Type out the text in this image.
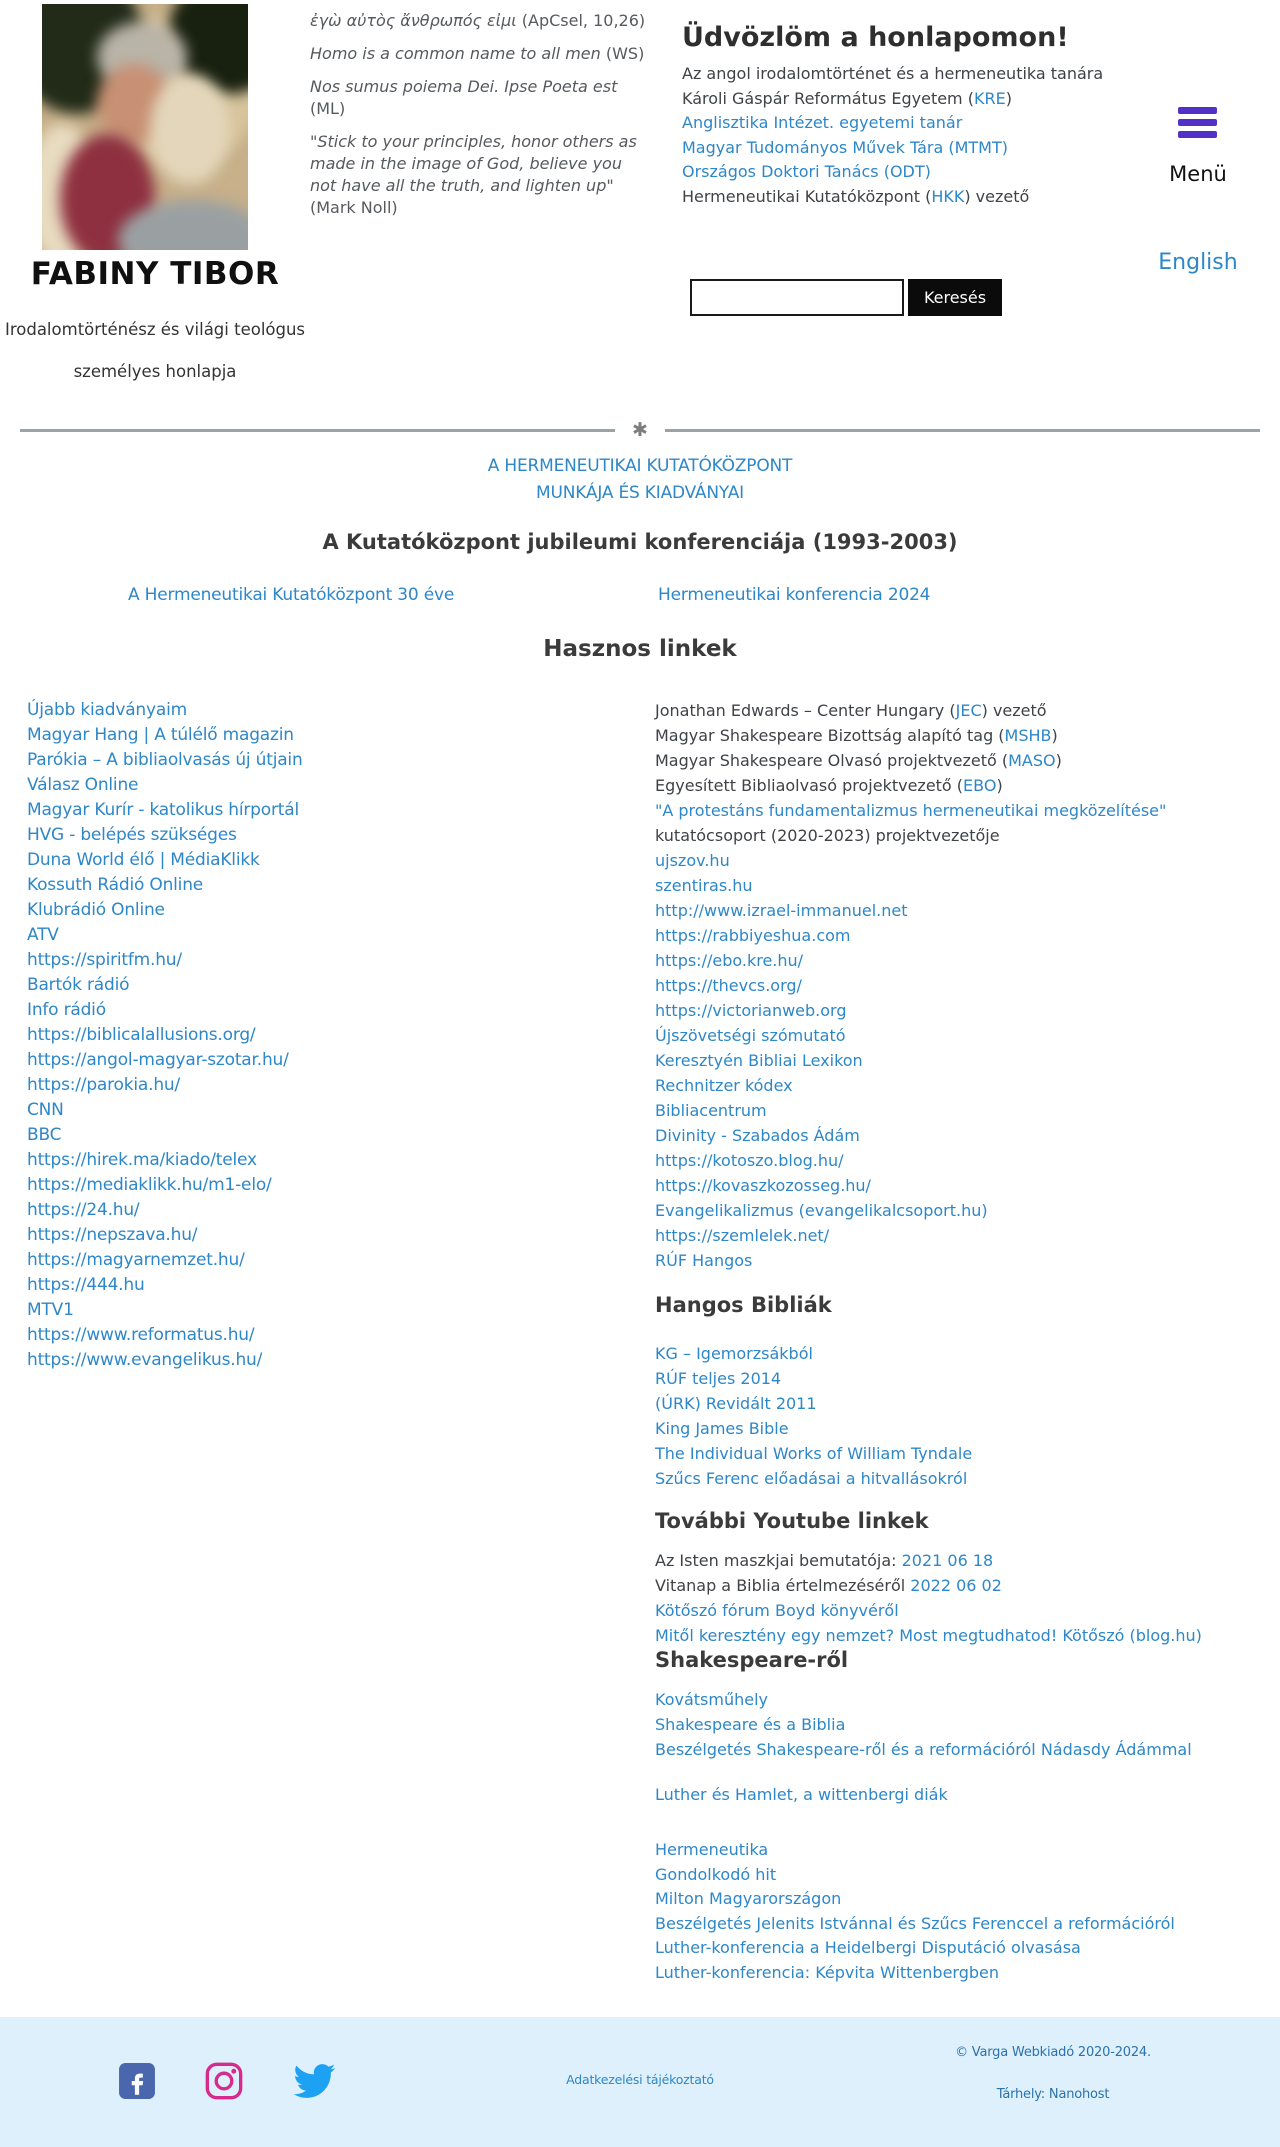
FABINY TIBOR
Irodalomtörténész és világi teológus
személyes honlapja
ἐγὼ αὐτὸς ἄνθρωπός εἰμι (ApCsel, 10,26)
Homo is a common name to all men (WS)
Nos sumus poiema Dei. Ipse Poeta est
(ML)
"Stick to your principles, honor others as
made in the image of God, believe you
not have all the truth, and lighten up"
(Mark Noll)
Üdvözlöm a honlapomon!
Az angol irodalomtörténet és a hermeneutika tanára
Károli Gáspár Református Egyetem (KRE)
Anglisztika Intézet. egyetemi tanár
Magyar Tudományos Művek Tára (MTMT)
Országos Doktori Tanács (ODT)
Hermeneutikai Kutatóközpont (HKK) vezető
Keresés
Menü
English
✱
A HERMENEUTIKAI KUTATÓKÖZPONT
MUNKÁJA ÉS KIADVÁNYAI
A Kutatóközpont jubileumi konferenciája (1993-2003)
A Hermeneutikai Kutatóközpont 30 éve	Hermeneutikai konferencia 2024
Hasznos linkek
Újabb kiadványaim
Magyar Hang | A túlélő magazin
Parókia – A bibliaolvasás új útjain
Válasz Online
Magyar Kurír - katolikus hírportál
HVG - belépés szükséges
Duna World élő | MédiaKlikk
Kossuth Rádió Online
Klubrádió Online
ATV
https://spiritfm.hu/
Bartók rádió
Info rádió
https://biblicalallusions.org/
https://angol-magyar-szotar.hu/
https://parokia.hu/
CNN
BBC
https://hirek.ma/kiado/telex
https://mediaklikk.hu/m1-elo/
https://24.hu/
https://nepszava.hu/
https://magyarnemzet.hu/
https://444.hu
MTV1
https://www.reformatus.hu/
https://www.evangelikus.hu/
Jonathan Edwards – Center Hungary (JEC) vezető
Magyar Shakespeare Bizottság alapító tag (MSHB)
Magyar Shakespeare Olvasó projektvezető (MASO)
Egyesített Bibliaolvasó projektvezető (EBO)
"A protestáns fundamentalizmus hermeneutikai megközelítése"
kutatócsoport (2020-2023) projektvezetője
ujszov.hu
szentiras.hu
http://www.izrael-immanuel.net
https://rabbiyeshua.com
https://ebo.kre.hu/
https://thevcs.org/
https://victorianweb.org
Újszövetségi szómutató
Keresztyén Bibliai Lexikon
Rechnitzer kódex
Bibliacentrum
Divinity - Szabados Ádám
https://kotoszo.blog.hu/
https://kovaszkozosseg.hu/
Evangelikalizmus (evangelikalcsoport.hu)
https://szemlelek.net/
RÚF Hangos
Hangos Bibliák
KG – Igemorzsákból
RÚF teljes 2014
(ÚRK) Revidált 2011
King James Bible
The Individual Works of William Tyndale
Szűcs Ferenc előadásai a hitvallásokról
További Youtube linkek
Az Isten maszkjai bemutatója: 2021 06 18
Vitanap a Biblia értelmezéséről 2022 06 02
Kötőszó fórum Boyd könyvéről
Mitől keresztény egy nemzet? Most megtudhatod! Kötőszó (blog.hu)
Shakespeare-ről
Kovátsműhely
Shakespeare és a Biblia
Beszélgetés Shakespeare-ről és a reformációról Nádasdy Ádámmal
Luther és Hamlet, a wittenbergi diák
Hermeneutika
Gondolkodó hit
Milton Magyarországon
Beszélgetés Jelenits Istvánnal és Szűcs Ferenccel a reformációról
Luther-konferencia a Heidelbergi Disputáció olvasása
Luther-konferencia: Képvita Wittenbergben
Adatkezelési tájékoztató
© Varga Webkiadó 2020-2024.
Tárhely: Nanohost
